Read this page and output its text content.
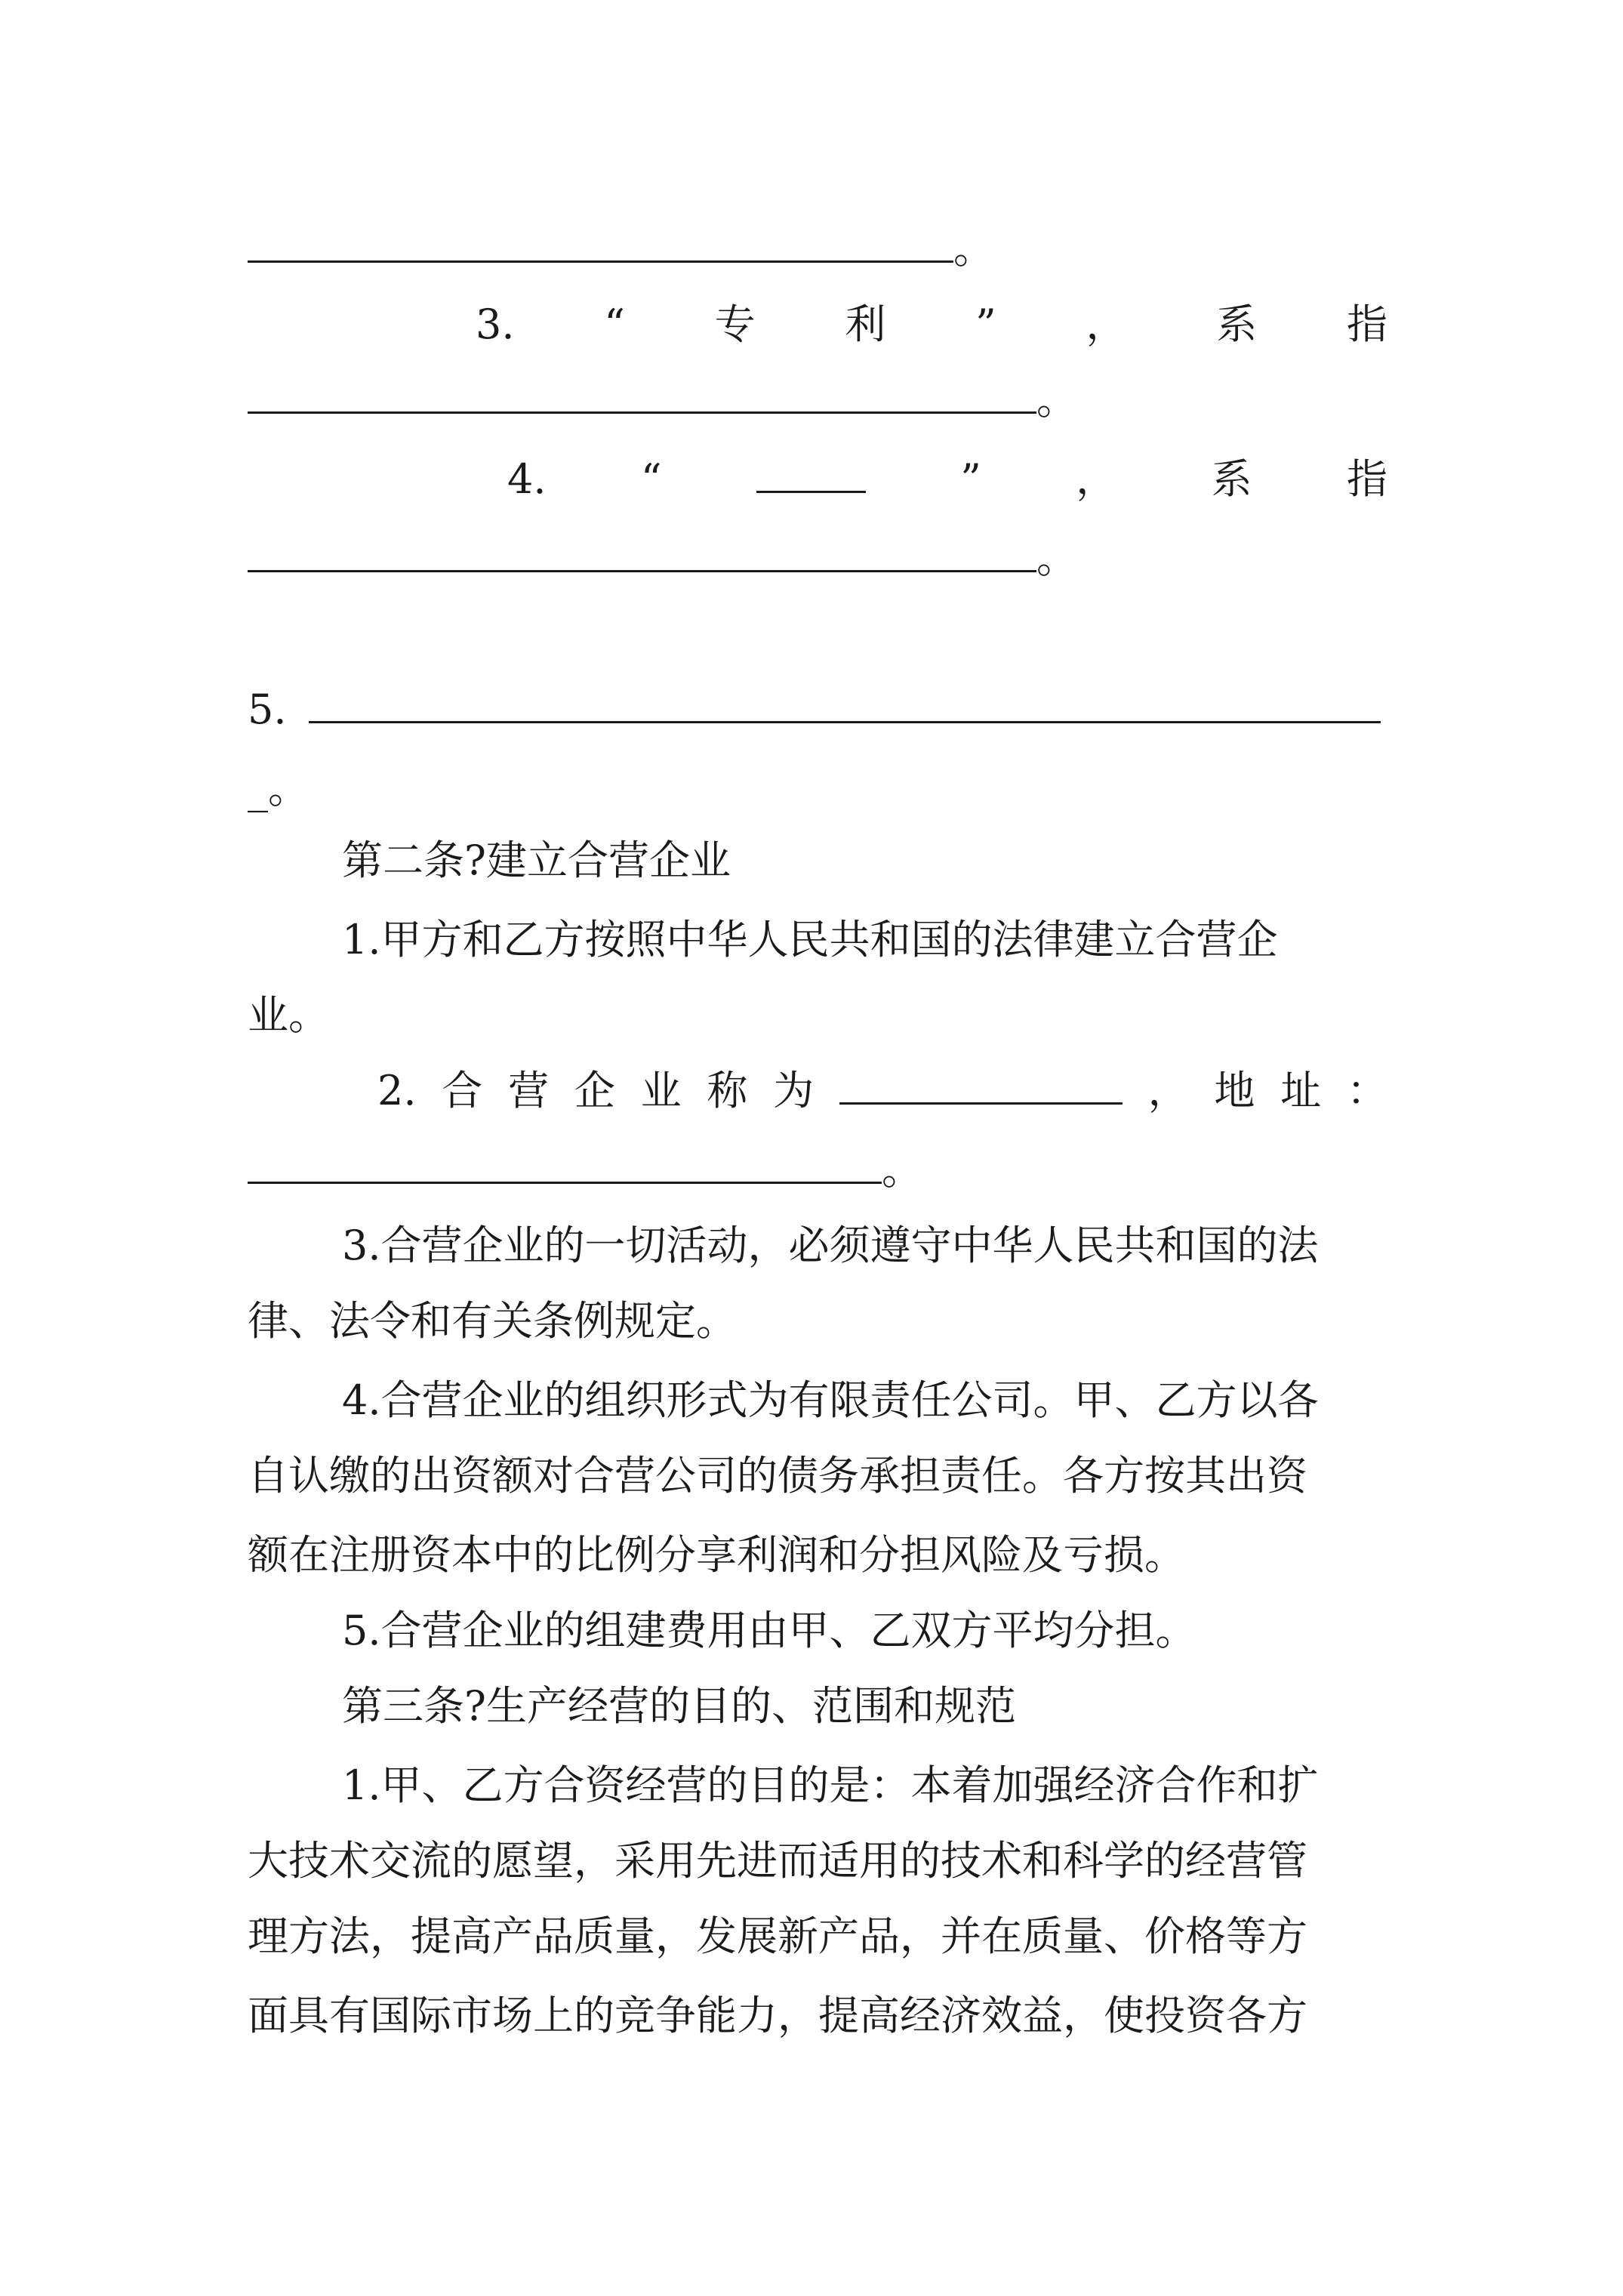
。
3. “ 专 利 ” ， 系 指
。
4. “	” ， 系 指
。
5.
_。
第二条?建立合营企业
1.甲方和乙方按照中华人民共和国的法律建立合营企
业。
2. 合 营 企 业 称 为	， 地 址 ：
。
3.合营企业的一切活动，必须遵守中华人民共和国的法
律、法令和有关条例规定。
4.合营企业的组织形式为有限责任公司。甲、乙方以各
自认缴的出资额对合营公司的债务承担责任。各方按其出资
额在注册资本中的比例分享利润和分担风险及亏损。
5.合营企业的组建费用由甲、乙双方平均分担。
第三条?生产经营的目的、范围和规范
1.甲、乙方合资经营的目的是：本着加强经济合作和扩
大技术交流的愿望，采用先进而适用的技术和科学的经营管
理方法，提高产品质量，发展新产品，并在质量、价格等方
面具有国际市场上的竞争能力，提高经济效益，使投资各方
